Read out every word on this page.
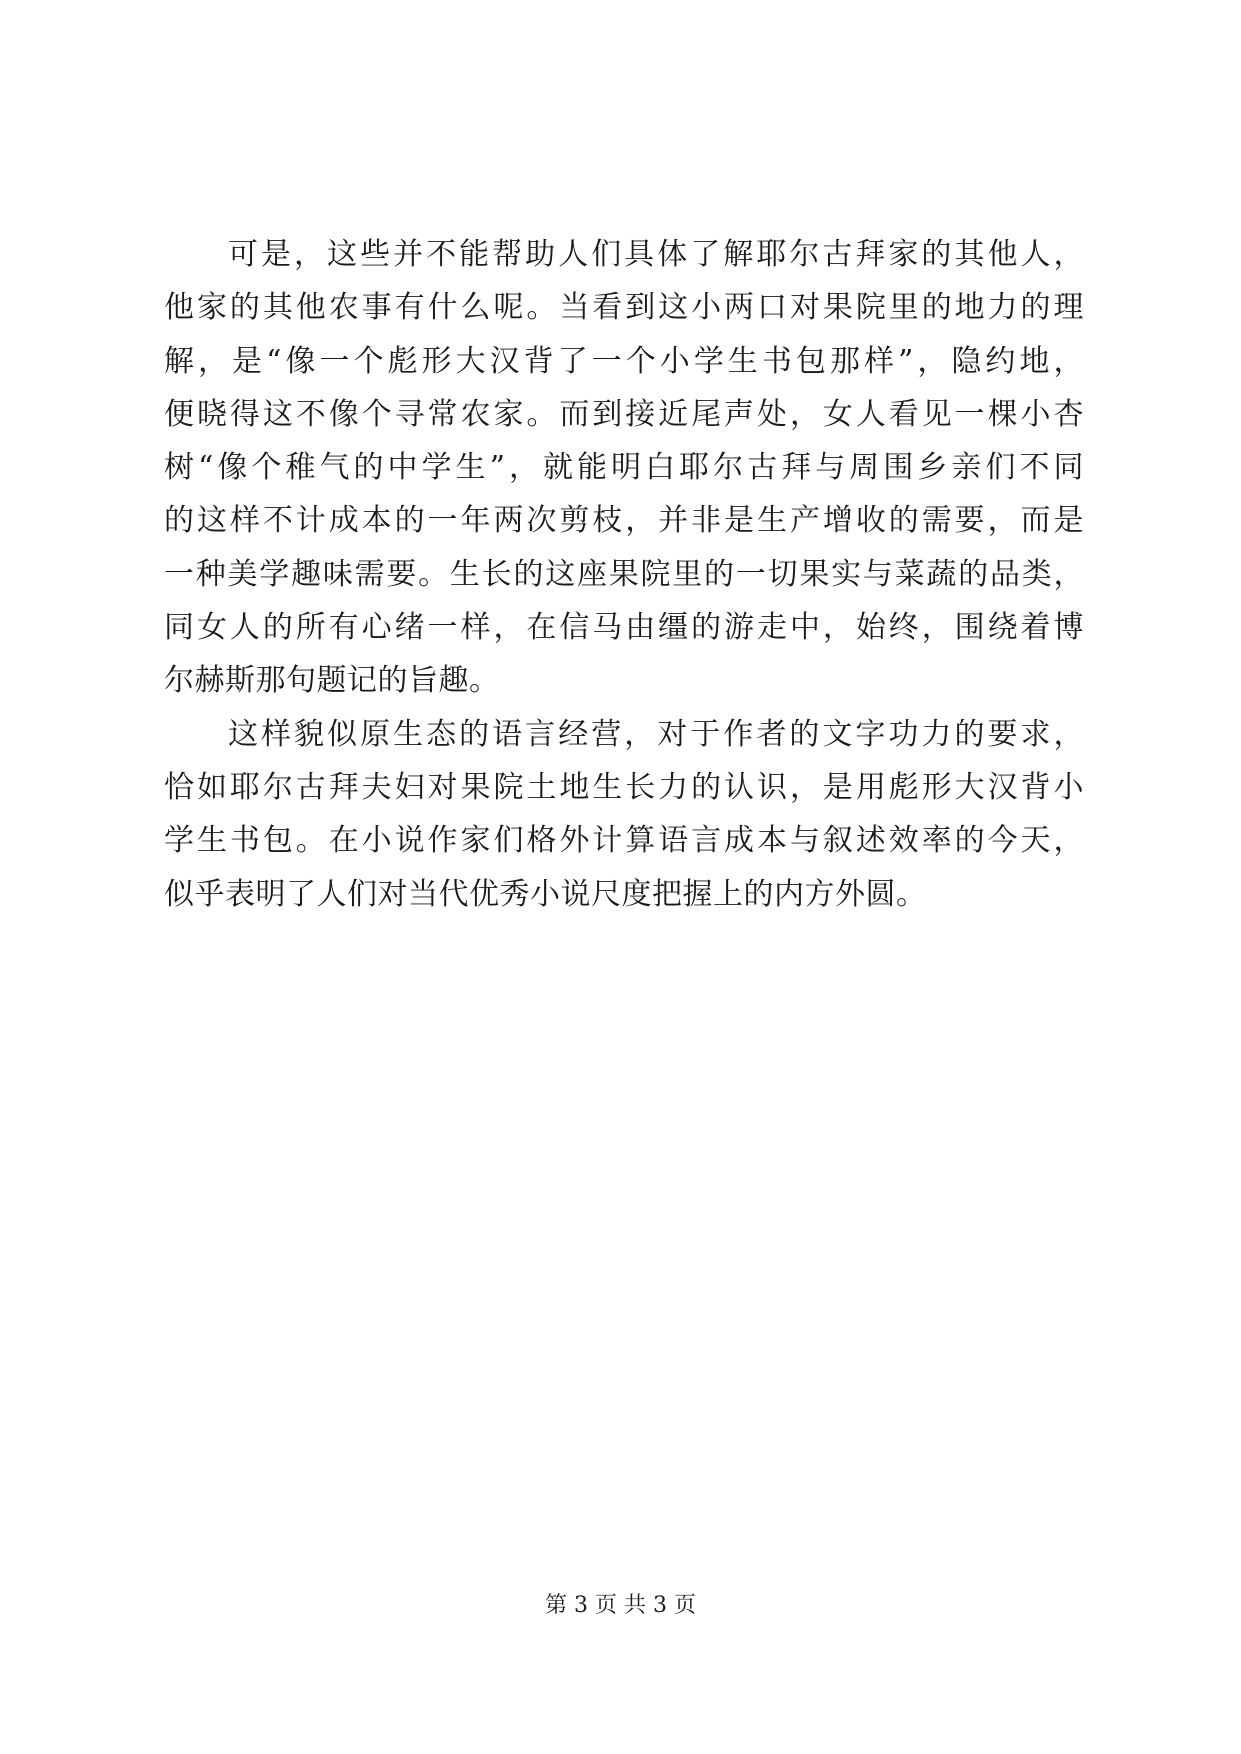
可是，这些并不能帮助人们具体了解耶尔古拜家的其他人，
他家的其他农事有什么呢。当看到这小两口对果院里的地力的理
解，是“像一个彪形大汉背了一个小学生书包那样”，隐约地，
便晓得这不像个寻常农家。而到接近尾声处，女人看见一棵小杏
树“像个稚气的中学生”，就能明白耶尔古拜与周围乡亲们不同
的这样不计成本的一年两次剪枝，并非是生产增收的需要，而是
一种美学趣味需要。生长的这座果院里的一切果实与菜蔬的品类，
同女人的所有心绪一样，在信马由缰的游走中，始终，围绕着博
尔赫斯那句题记的旨趣。
这样貌似原生态的语言经营，对于作者的文字功力的要求，
恰如耶尔古拜夫妇对果院土地生长力的认识，是用彪形大汉背小
学生书包。在小说作家们格外计算语言成本与叙述效率的今天，
似乎表明了人们对当代优秀小说尺度把握上的内方外圆。
第 3 页 共 3 页
